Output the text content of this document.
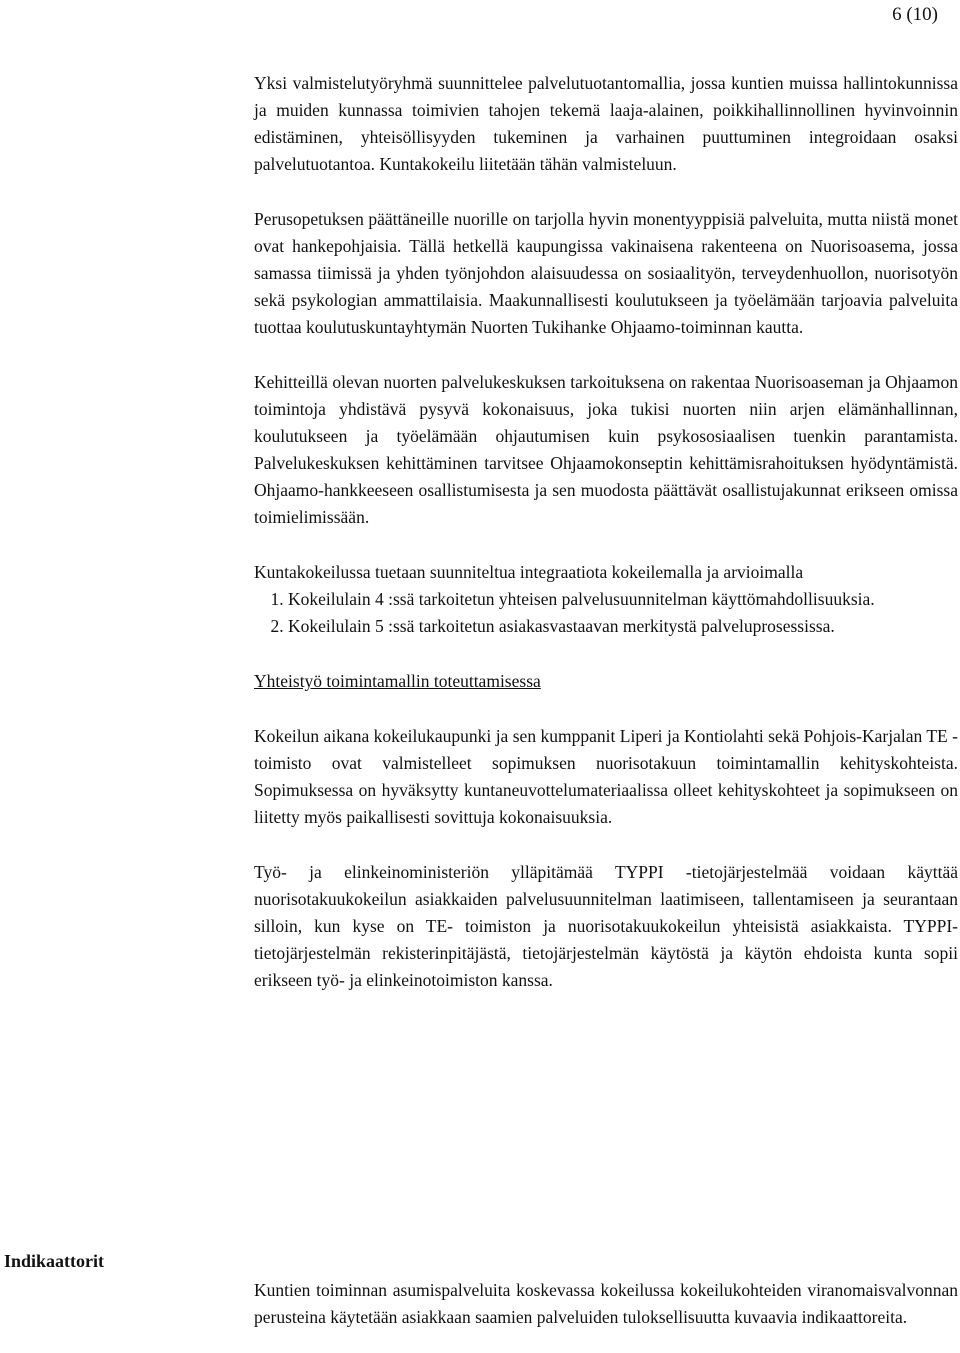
6 (10)

Yksi valmistelutyöryhmä suunnittelee palvelutuotantomallia, jossa kuntien muissa hallintokunnissa ja muiden kunnassa toimivien tahojen tekemä laaja-alainen, poikkihallinnollinen hyvinvoinnin edistäminen, yhteisöllisyyden tukeminen ja varhainen puuttuminen integroidaan osaksi palvelutuotantoa. Kuntakokeilu liitetään tähän valmisteluun.

Perusopetuksen päättäneille nuorille on tarjolla hyvin monentyyppisiä palveluita, mutta niistä monet ovat hankepohjaisia. Tällä hetkellä kaupungissa vakinaisena rakenteena on Nuorisoasema, jossa samassa tiimissä ja yhden työnjohdon alaisuudessa on sosiaalityön, terveydenhuollon, nuorisotyön sekä psykologian ammattilaisia. Maakunnallisesti koulutukseen ja työelämään tarjoavia palveluita tuottaa koulutuskuntayhtymän Nuorten Tukihanke Ohjaamo-toiminnan kautta.

Kehitteillä olevan nuorten palvelukeskuksen tarkoituksena on rakentaa Nuorisoaseman ja Ohjaamon toimintoja yhdistävä pysyvä kokonaisuus, joka tukisi nuorten niin arjen elämänhallinnan, koulutukseen ja työelämään ohjautumisen kuin psykososiaalisen tuenkin parantamista. Palvelukeskuksen kehittäminen tarvitsee Ohjaamokonseptin kehittämisrahoituksen hyödyntämistä. Ohjaamo-hankkeeseen osallistumisesta ja sen muodosta päättävät osallistujakunnat erikseen omissa toimielimissään.

Kuntakokeilussa tuetaan suunniteltua integraatiota kokeilemalla ja arvioimalla

1. Kokeilulain 4 :ssä tarkoitetun yhteisen palvelusuunnitelman käyttömahdollisuuksia.
2. Kokeilulain 5 :ssä tarkoitetun asiakasvastaavan merkitystä palveluprosessissa.
Yhteistyö toimintamallin toteuttamisessa

Kokeilun aikana kokeilukaupunki ja sen kumppanit Liperi ja Kontiolahti sekä Pohjois-Karjalan TE -toimisto ovat valmistelleet sopimuksen nuorisotakuun toimintamallin kehityskohteista. Sopimuksessa on hyväksytty kuntaneuvottelumateriaalissa olleet kehityskohteet ja sopimukseen on liitetty myös paikallisesti sovittuja kokonaisuuksia.

Työ- ja elinkeinoministeriön ylläpitämää TYPPI -tietojärjestelmää voidaan käyttää nuorisotakuukokeilun asiakkaiden palvelusuunnitelman laatimiseen, tallentamiseen ja seurantaan silloin, kun kyse on TE- toimiston ja nuorisotakuukokeilun yhteisistä asiakkaista. TYPPI- tietojärjestelmän rekisterinpitäjästä, tietojärjestelmän käytöstä ja käytön ehdoista kunta sopii erikseen työ- ja elinkeinotoimiston kanssa.

Indikaattorit
Kuntien toiminnan asumispalveluita koskevassa kokeilussa kokeilukohteiden viranomaisvalvonnan perusteina käytetään asiakkaan saamien palveluiden tuloksellisuutta kuvaavia indikaattoreita.
